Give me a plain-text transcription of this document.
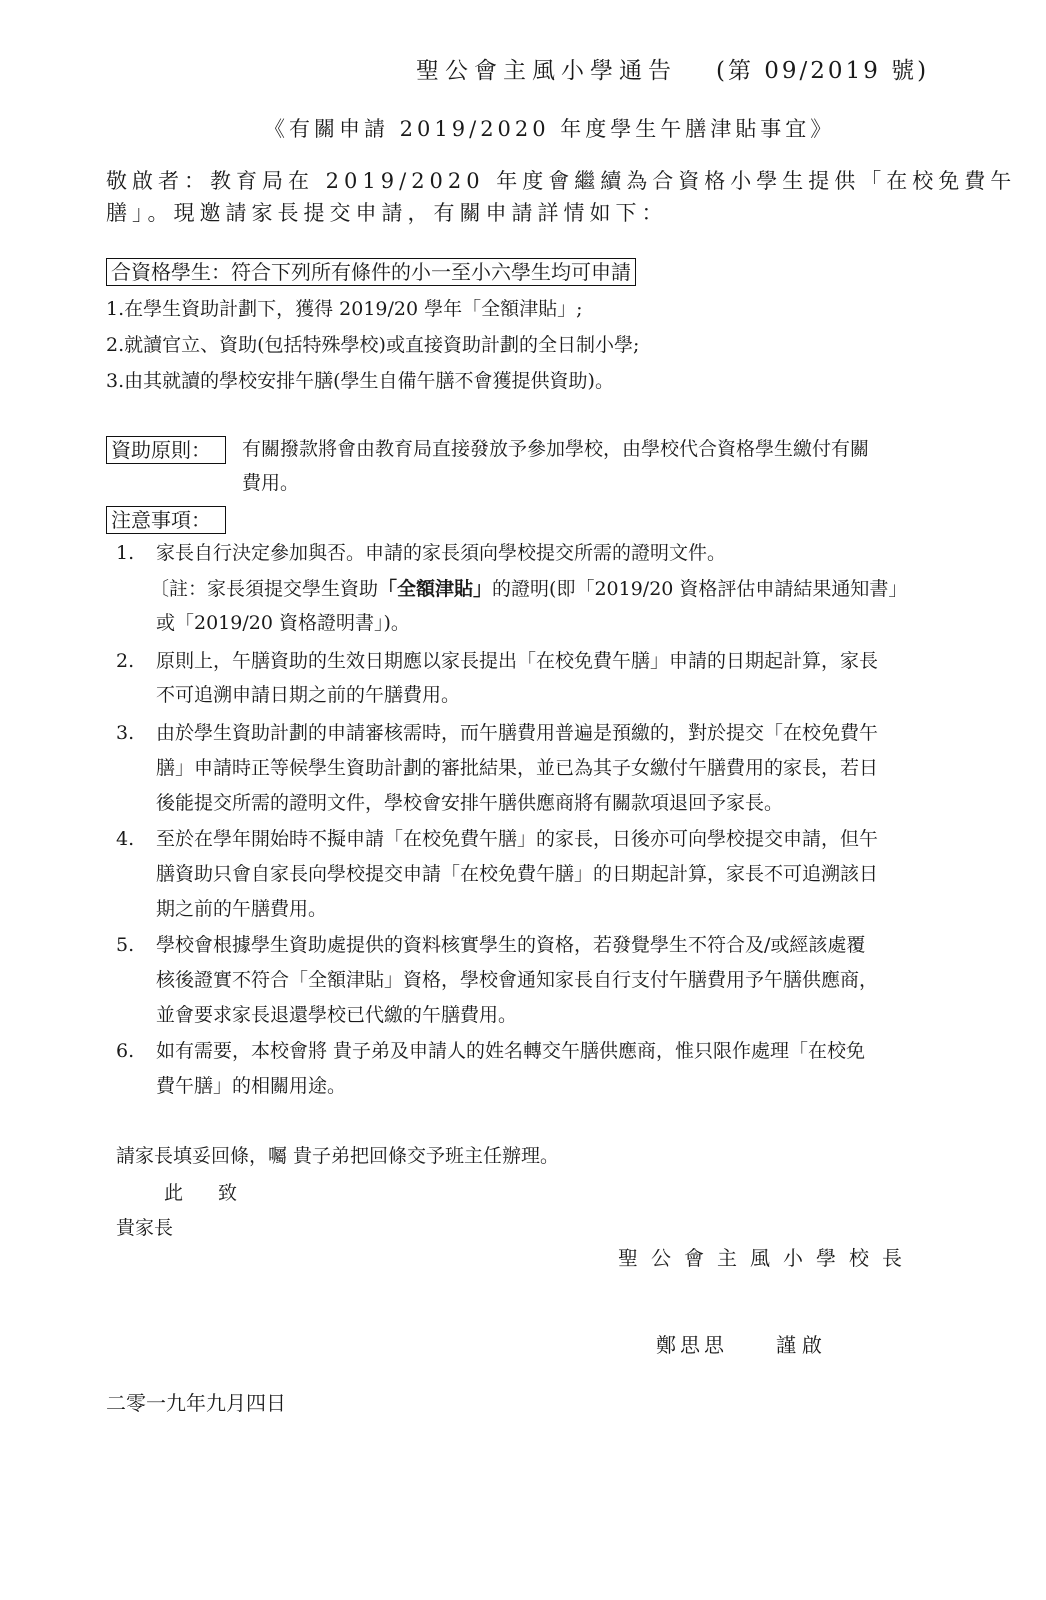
聖公會主風小學通告 (第 09/2019 號)
《有關申請 2019/2020 年度學生午膳津貼事宜》
敬啟者：教育局在 2019/2020 年度會繼續為合資格小學生提供「在校免費午
膳」。現邀請家長提交申請，有關申請詳情如下：
合資格學生：符合下列所有條件的小一至小六學生均可申請
1.在學生資助計劃下，獲得 2019/20 學年「全額津貼」;
2.就讀官立、資助(包括特殊學校)或直接資助計劃的全日制小學;
3.由其就讀的學校安排午膳(學生自備午膳不會獲提供資助)。
資助原則：	有關撥款將會由教育局直接發放予參加學校，由學校代合資格學生繳付有關
費用。
注意事項：
1. 家長自行決定參加與否。申請的家長須向學校提交所需的證明文件。
〔註：家長須提交學生資助「全額津貼」的證明(即「2019/20 資格評估申請結果通知書」
或「2019/20 資格證明書」)。
2. 原則上，午膳資助的生效日期應以家長提出「在校免費午膳」申請的日期起計算，家長
不可追溯申請日期之前的午膳費用。
3. 由於學生資助計劃的申請審核需時，而午膳費用普遍是預繳的，對於提交「在校免費午
膳」申請時正等候學生資助計劃的審批結果，並已為其子女繳付午膳費用的家長，若日
後能提交所需的證明文件，學校會安排午膳供應商將有關款項退回予家長。
4. 至於在學年開始時不擬申請「在校免費午膳」的家長，日後亦可向學校提交申請，但午
膳資助只會自家長向學校提交申請「在校免費午膳」的日期起計算，家長不可追溯該日
期之前的午膳費用。
5. 學校會根據學生資助處提供的資料核實學生的資格，若發覺學生不符合及/或經該處覆
核後證實不符合「全額津貼」資格，學校會通知家長自行支付午膳費用予午膳供應商，
並會要求家長退還學校已代繳的午膳費用。
6. 如有需要，本校會將 貴子弟及申請人的姓名轉交午膳供應商，惟只限作處理「在校免
費午膳」的相關用途。
請家長填妥回條，囑 貴子弟把回條交予班主任辦理。
此　致
貴家長
聖公會主風小學校長
鄭思思 謹啟
二零一九年九月四日
